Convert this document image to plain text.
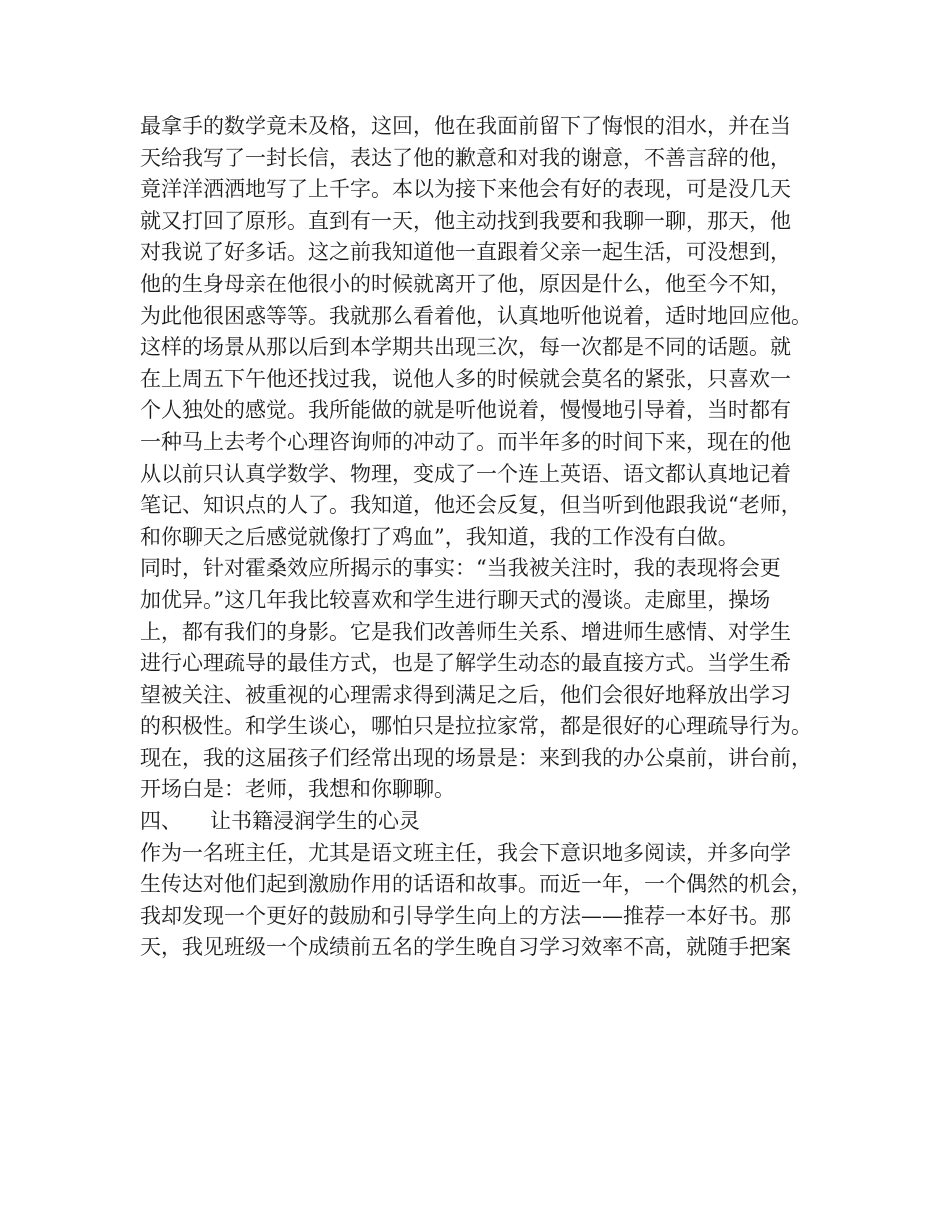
最拿手的数学竟未及格，这回，他在我面前留下了悔恨的泪水，并在当
天给我写了一封长信，表达了他的歉意和对我的谢意，不善言辞的他，
竟洋洋洒洒地写了上千字。本以为接下来他会有好的表现，可是没几天
就又打回了原形。直到有一天，他主动找到我要和我聊一聊，那天，他
对我说了好多话。这之前我知道他一直跟着父亲一起生活，可没想到，
他的生身母亲在他很小的时候就离开了他，原因是什么，他至今不知，
为此他很困惑等等。我就那么看着他，认真地听他说着，适时地回应他。
这样的场景从那以后到本学期共出现三次，每一次都是不同的话题。就
在上周五下午他还找过我，说他人多的时候就会莫名的紧张，只喜欢一
个人独处的感觉。我所能做的就是听他说着，慢慢地引导着，当时都有
一种马上去考个心理咨询师的冲动了。而半年多的时间下来，现在的他
从以前只认真学数学、物理，变成了一个连上英语、语文都认真地记着
笔记、知识点的人了。我知道，他还会反复，但当听到他跟我说“老师，
和你聊天之后感觉就像打了鸡血”，我知道，我的工作没有白做。
同时，针对霍桑效应所揭示的事实：“当我被关注时，我的表现将会更
加优异。”这几年我比较喜欢和学生进行聊天式的漫谈。走廊里，操场
上，都有我们的身影。它是我们改善师生关系、增进师生感情、对学生
进行心理疏导的最佳方式，也是了解学生动态的最直接方式。当学生希
望被关注、被重视的心理需求得到满足之后，他们会很好地释放出学习
的积极性。和学生谈心，哪怕只是拉拉家常，都是很好的心理疏导行为。
现在，我的这届孩子们经常出现的场景是：来到我的办公桌前，讲台前，
开场白是：老师，我想和你聊聊。
四、 让书籍浸润学生的心灵
作为一名班主任，尤其是语文班主任，我会下意识地多阅读，并多向学
生传达对他们起到激励作用的话语和故事。而近一年，一个偶然的机会，
我却发现一个更好的鼓励和引导学生向上的方法——推荐一本好书。那
天，我见班级一个成绩前五名的学生晚自习学习效率不高，就随手把案
